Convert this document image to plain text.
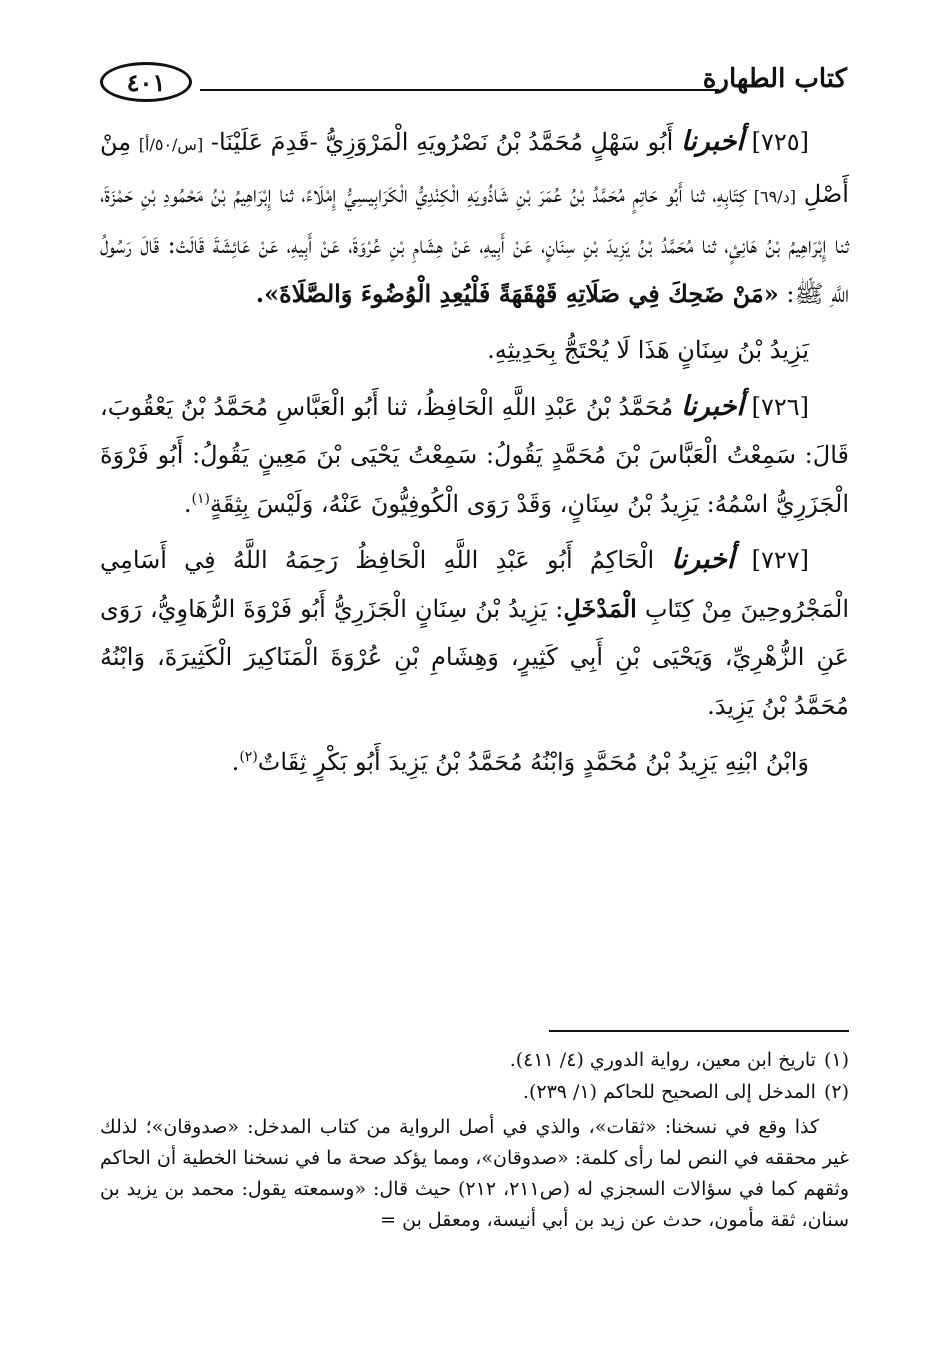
كتاب الطهارة
٤٠١

[٧٢٥] أخبرنا أَبُو سَهْلٍ مُحَمَّدُ بْنُ نَصْرُويَهِ الْمَرْوَزِيُّ -قَدِمَ عَلَيْنَا- [س/٥٠/أ] مِنْ أَصْلِ [د/٦٩] كِتَابِهِ، ثنا أَبُو حَاتِمٍ مُحَمَّدُ بْنُ عُمَرَ بْنِ شَاذُويَهِ الْكِنْدِيُّ الْكَرَابِيسِيُّ إِمْلَاءً، ثنا إِبْرَاهِيمُ بْنُ مَحْمُودِ بْنِ حَمْزَةَ، ثنا إِبْرَاهِيمُ بْنُ هَانِئٍ، ثنا مُحَمَّدُ بْنُ يَزِيدَ بْنِ سِنَانٍ، عَنْ أَبِيهِ، عَنْ هِشَامِ بْنِ عُرْوَةَ، عَنْ أَبِيهِ، عَنْ عَائِشَةَ قَالَتْ: قَالَ رَسُولُ اللَّهِ ﷺ: «مَنْ ضَحِكَ فِي صَلَاتِهِ قَهْقَهَةً فَلْيُعِدِ الْوُضُوءَ وَالصَّلَاةَ».

يَزِيدُ بْنُ سِنَانٍ هَذَا لَا يُحْتَجُّ بِحَدِيثِهِ.

[٧٢٦] أخبرنا مُحَمَّدُ بْنُ عَبْدِ اللَّهِ الْحَافِظُ، ثنا أَبُو الْعَبَّاسِ مُحَمَّدُ بْنُ يَعْقُوبَ، قَالَ: سَمِعْتُ الْعَبَّاسَ بْنَ مُحَمَّدٍ يَقُولُ: سَمِعْتُ يَحْيَى بْنَ مَعِينٍ يَقُولُ: أَبُو فَرْوَةَ الْجَزَرِيُّ اسْمُهُ: يَزِيدُ بْنُ سِنَانٍ، وَقَدْ رَوَى الْكُوفِيُّونَ عَنْهُ، وَلَيْسَ بِثِقَةٍ$^{(١)}$.

[٧٢٧] أخبرنا الْحَاكِمُ أَبُو عَبْدِ اللَّهِ الْحَافِظُ رَحِمَهُ اللَّهُ فِي أَسَامِي الْمَجْرُوحِينَ مِنْ كِتَابِ الْمَدْخَلِ: يَزِيدُ بْنُ سِنَانٍ الْجَزَرِيُّ أَبُو فَرْوَةَ الرُّهَاوِيُّ، رَوَى عَنِ الزُّهْرِيِّ، وَيَحْيَى بْنِ أَبِي كَثِيرٍ، وَهِشَامِ بْنِ عُرْوَةَ الْمَنَاكِيرَ الْكَثِيرَةَ، وَابْنُهُ مُحَمَّدُ بْنُ يَزِيدَ.

وَابْنُ ابْنِهِ يَزِيدُ بْنُ مُحَمَّدٍ وَابْنُهُ مُحَمَّدُ بْنُ يَزِيدَ أَبُو بَكْرٍ ثِقَاتٌ$^{(٢)}$.

(١)
تاريخ ابن معين، رواية الدوري (٤/ ٤١١).
(٢)
المدخل إلى الصحيح للحاكم (١/ ٢٣٩).
كذا وقع في نسخنا: «ثقات»، والذي في أصل الرواية من كتاب المدخل: «صدوقان»؛ لذلك غير محققه في النص لما رأى كلمة: «صدوقان»، ومما يؤكد صحة ما في نسخنا الخطية أن الحاكم وثقهم كما في سؤالات السجزي له (ص٢١١، ٢١٢) حيث قال: «وسمعته يقول: محمد بن يزيد بن سنان، ثقة مأمون، حدث عن زيد بن أبي أنيسة، ومعقل بن =
